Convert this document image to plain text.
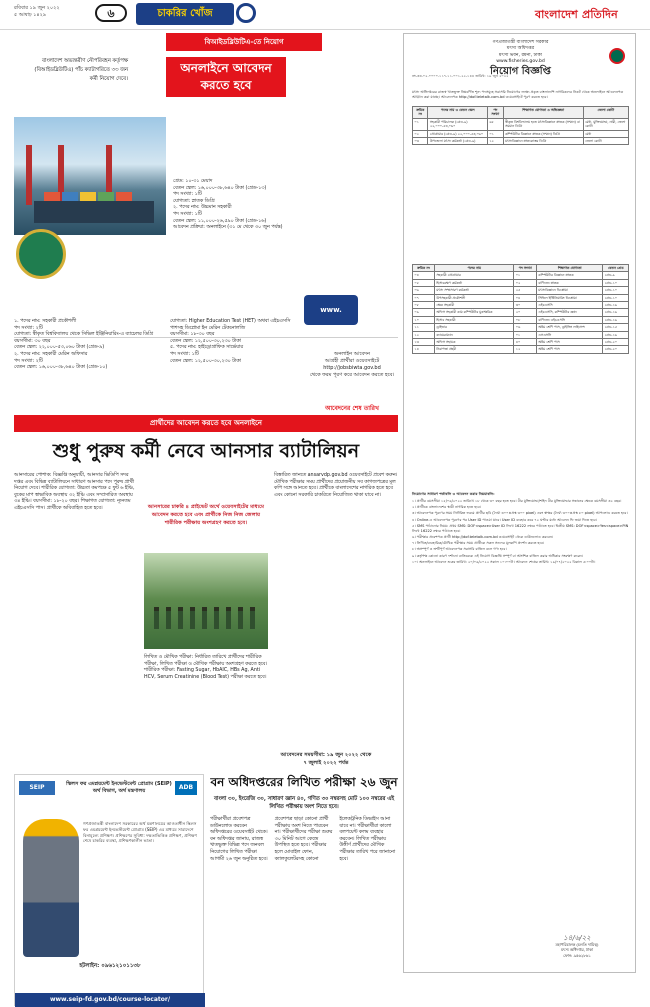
রবিবার ১৯ জুন ২০২২
৫ আষাঢ় ১৪২৯	৬	চাকরির খোঁজ	বাংলাদেশ প্রতিদিন
বাংলাদেশ অভ্যন্তরীণ নৌপরিবহন কর্তৃপক্ষ (বিআইডব্লিউটিএ) পাঁচ ক্যাটাগরিতে ৩৩ জন কর্মী নিয়োগ দেবে।
বিআইডব্লিউটিএ-তে নিয়োগ
অনলাইনে আবেদন করতে হবে
গ্রেড: ১০-৩১ মেয়াদ
বেতন স্কেল: ১৬,০০০-৩৮,৬৪০ টাকা (গ্রেড-১৩)
পদ সংখ্যা: ১টি
যোগ্যতা: স্নাতক ডিগ্রি
২. পদের নাম: উচ্চমান সহকারী
পদ সংখ্যা: ১টি
বেতন স্কেল: ১১,০০০-২৬,৫৯০ টাকা (গ্রেড-১৬)
আবেদন প্রক্রিয়া: অনলাইনে (৩১ মে থেকে ৩০ জুন পর্যন্ত)
১. পদের নাম: সহকারী প্রকৌশলী
পদ সংখ্যা: ২টি
যোগ্যতা: স্বীকৃত বিশ্ববিদ্যালয় থেকে সিভিল ইঞ্জিনিয়ারিং-এ ব্যাচেলর ডিগ্রি
বয়সসীমা: ৩০ বছর
বেতন স্কেল: ২২,০০০-৫৩,০৬০ টাকা (গ্রেড-৯)
২. পদের নাম: সহকারী মেরিন অফিসার
পদ সংখ্যা: ২টি
বেতন স্কেল: ১৬,০০০-৩৮,৬৪০ টাকা (গ্রেড-১০)
যোগ্যতা: Higher Education Test (HET) অথবা এইচএসসি পাশসহ ডিপ্লোমা ইন মেরিন টেকনোলজি
বয়সসীমা: ১৮-৩০ বছর
বেতন স্কেল: ১২,৫০০-৩০,২৩০ টাকা
৫. পদের নাম: হাইড্রোগ্রাফিক সার্ভেয়ার
পদ সংখ্যা: ১টি
বেতন স্কেল: ১২,৫০০-৩০,২৩০ টাকা
www.
অনলাইন আবেদন
আগ্রহী প্রার্থীরা ওয়েবসাইটে
http://jobsbiwta.gov.bd
থেকে ফরম পূরণ করে আবেদন করতে হবে।
আবেদনের শেষ তারিখ
প্রার্থীদের আবেদন করতে হবে অনলাইনে
শুধু পুরুষ কর্মী নেবে আনসার ব্যাটালিয়ন
আনসারের পোশাক: বিজ্ঞপ্তি অনুযায়ী, আনসার ভিডিপি সদর দপ্তর এবং বিভিন্ন ব্যাটালিয়নে সাধারণ আনসার পদে পুরুষ প্রার্থী নিয়োগ দেবে। শারীরিক যোগ্যতা: উচ্চতা কমপক্ষে ৫ ফুট ৬ ইঞ্চি, বুকের মাপ স্বাভাবিক অবস্থায় ৩২ ইঞ্চি এবং সম্প্রসারিত অবস্থায় ৩৪ ইঞ্চি। বয়সসীমা: ১৮-২০ বছর। শিক্ষাগত যোগ্যতা: ন্যূনতম এইচএসসি পাস। প্রার্থীকে অবিবাহিত হতে হবে।	আনসারের চাকরি ৪ প্রাইভেট অর্থে ওয়েবসাইটের মাধ্যমে আবেদন করতে হবে এবং প্রার্থীকে নিজ নিজ জেলায় শারীরিক পরীক্ষায় অংশগ্রহণ করতে হবে।
লিখিত ও মৌখিক পরীক্ষা: নির্ধারিত তারিখে প্রার্থীদের শারীরিক পরীক্ষা, লিখিত পরীক্ষা ও মৌখিক পরীক্ষায় অংশগ্রহণ করতে হবে। শারীরিক পরীক্ষা: Fasting Sugar, HbAIC, HBs Ag, Anti HCV, Serum Creatinine (Blood Test) পরীক্ষা করতে হবে।
বিস্তারিত জানতে ansarvdp.gov.bd ওয়েবসাইটে প্রবেশ করুন। মৌখিক পরীক্ষার সময় প্রার্থীদের প্রয়োজনীয় সব কাগজপত্রের মূল কপি সঙ্গে আনতে হবে। প্রার্থীকে বাংলাদেশের নাগরিক হতে হবে এবং কোনো সরকারি চাকরিতে নিয়োজিত থাকা যাবে না।
আবেদনের সময়সীমা: ১৯ জুন ২০২২ থেকে
৭ জুলাই ২০২২ পর্যন্ত
SEIP	স্কিলস ফর এমপ্লয়মেন্ট ইনভেস্টমেন্ট প্রোগ্রাম (SEIP)
অর্থ বিভাগ, অর্থ মন্ত্রণালয়	ADB
গণপ্রজাতন্ত্রী বাংলাদেশ সরকারের অর্থ মন্ত্রণালয়ের আওতাধীন স্কিলস ফর এমপ্লয়মেন্ট ইনভেস্টমেন্ট প্রোগ্রাম (SEIP) এর মাধ্যমে সারাদেশে বিনামূল্যে প্রশিক্ষণ। প্রশিক্ষণের সুবিধা: দক্ষতাভিত্তিক প্রশিক্ষণ, প্রশিক্ষণ শেষে চাকরির ব্যবস্থা, প্রশিক্ষণকালীন ভাতা।
হটলাইন: ০৯৬১২১০১১৩৮
www.seip-fd.gov.bd/course-locator/
বন অধিদপ্তরের লিখিত পরীক্ষা ২৬ জুন
বাংলা ৩০, ইংরেজি ৩০, সাধারণ জ্ঞান ৪০, গণিত ৩০ নম্বরসহ মোট ১০০ নম্বরের এই লিখিত পরীক্ষায় অংশ নিতে হবে।
পরীক্ষার্থীরা প্রবেশপত্র ডাউনলোড করবেন অধিদপ্তরের ওয়েবসাইট থেকে। বন অধিদপ্তর জানায়, রাজস্ব খাতভুক্ত বিভিন্ন পদে জনবল নিয়োগের লিখিত পরীক্ষা আগামী ২৬ জুন অনুষ্ঠিত হবে। প্রবেশপত্র ছাড়া কোনো প্রার্থী পরীক্ষায় অংশ নিতে পারবেন না। পরীক্ষার্থীদের পরীক্ষা শুরুর ৩০ মিনিট আগে কেন্দ্রে উপস্থিত হতে হবে। পরীক্ষার হলে মোবাইল ফোন, ক্যালকুলেটরসহ কোনো ইলেকট্রনিক ডিভাইস আনা যাবে না। পরীক্ষার্থীরা কালো বলপয়েন্ট কলম ব্যবহার করবেন। লিখিত পরীক্ষায় উত্তীর্ণ প্রার্থীদের মৌখিক পরীক্ষার তারিখ পরে জানানো হবে।
গণপ্রজাতন্ত্রী বাংলাদেশ সরকার
মৎস্য অধিদপ্তর
মৎস্য ভবন, রমনা, ঢাকা
www.fisheries.gov.bd
নং-৩৩.০২.০০০০.১১৭.১১.০০১.২২-১৪৪ তারিখ: ১৯ জুন ২০২২
নিয়োগ বিজ্ঞপ্তি
মৎস্য অধিদপ্তরের রাজস্ব খাতভুক্ত নিম্নবর্ণিত শূন্য পদসমূহে সরাসরি নিয়োগের লক্ষ্যে প্রকৃত বাংলাদেশি নাগরিকদের নিকট থেকে অনলাইনে আবেদনপত্র আহ্বান করা যাচ্ছে। আবেদনপত্র http://dof.teletalk.com.bd ওয়েবসাইটে পূরণ করতে হবে।
ক্রমিক নং	পদের নাম ও বেতন স্কেল	পদ সংখ্যা	শিক্ষাগত যোগ্যতা ও অভিজ্ঞতা	জেলা কোটা
০১	সহকারী পরিচালক (গ্রেড-৯) ২২,০০০-৫৩,০৬০	৬৫	স্বীকৃত বিশ্ববিদ্যালয় হতে মৎস্যবিজ্ঞানে স্নাতক (সম্মান) বা সমমান ডিগ্রি	মেধা, মুক্তিযোদ্ধা, নারী, জেলা কোটা
০২	প্রোগ্রামার (গ্রেড-৯) ২২,০০০-৫৩,০৬০	০১	কম্পিউটার বিজ্ঞানে স্নাতক (সম্মান) ডিগ্রি	মেধা
০৩	উপজেলা মৎস্য কর্মকর্তা (গ্রেড-৯)	১২	মৎস্যবিজ্ঞানে স্নাতকোত্তর ডিগ্রি	জেলা কোটা
ক্রমিক নং	পদের নাম	পদ সংখ্যা	শিক্ষাগত যোগ্যতা	বেতন গ্রেড
০৪	সহকারী প্রোগ্রামার	০১	কম্পিউটার বিজ্ঞানে স্নাতক	গ্রেড-৯
০৫	হিসাবরক্ষণ কর্মকর্তা	০২	বাণিজ্যে স্নাতক	গ্রেড-১০
০৬	মৎস্য সম্প্রসারণ কর্মকর্তা	২৫	মৎস্যবিজ্ঞানে ডিপ্লোমা	গ্রেড-১০
০৭	উপসহকারী প্রকৌশলী	০৪	সিভিল ইঞ্জিনিয়ারিং ডিপ্লোমা	গ্রেড-১০
০৮	ক্ষেত্র সহকারী	৩০	এইচএসসি	গ্রেড-১৬
০৯	অফিস সহকারী কাম কম্পিউটার মুদ্রাক্ষরিক	২০	এইচএসসি, কম্পিউটার জ্ঞান	গ্রেড-১৬
১০	হিসাব সহকারী	০৮	বাণিজ্যে এইচএসসি	গ্রেড-১৬
১১	ড্রাইভার	০৬	অষ্টম শ্রেণি পাস, ড্রাইভিং লাইসেন্স	গ্রেড-১৫
১২	ক্যামেরাম্যান	০১	এসএসসি	গ্রেড-১৬
১৩	অফিস সহায়ক	৪০	অষ্টম শ্রেণি পাস	গ্রেড-২০
১৪	নিরাপত্তা প্রহরী	১২	অষ্টম শ্রেণি পাস	গ্রেড-২০
নিয়োগের সাধারণ শর্তাবলি ও আবেদন করার নিয়মাবলি:
১। প্রার্থীর বয়সসীমা ১৫/০৬/২০২২ তারিখে ১৮ থেকে ৩০ বছর হতে হবে। বীর মুক্তিযোদ্ধা/শহিদ বীর মুক্তিযোদ্ধার সন্তানের ক্ষেত্রে বয়সসীমা ৩২ বছর।
২। প্রার্থীকে বাংলাদেশের স্থায়ী নাগরিক হতে হবে।
৩। আবেদনপত্র পূরণের সময় নির্ধারিত ফরমে প্রার্থীর ছবি (দৈর্ঘ্য ৩০০×প্রস্থ ৩০০ pixel) এবং স্বাক্ষর (দৈর্ঘ্য ৩০০×প্রস্থ ৮০ pixel) আপলোড করতে হবে।
৪। Online-এ আবেদনপত্র পূরণের পর User ID পাওয়া যাবে। User ID ব্যবহার করে ৭২ ঘণ্টার মধ্যে আবেদন ফি জমা দিতে হবে।
৫। SMS পাঠানোর নিয়ম: প্রথম SMS: DOF<space>User ID লিখে 16222 নম্বরে পাঠাতে হবে। দ্বিতীয় SMS: DOF<space>Yes<space>PIN লিখে 16222 নম্বরে পাঠাতে হবে।
৬। পরীক্ষার প্রবেশপত্র প্রার্থী http://dof.teletalk.com.bd ওয়েবসাইট থেকে ডাউনলোড করবেন।
৭। লিখিত/ব্যবহারিক/মৌখিক পরীক্ষার সময় প্রার্থীকে সকল সনদের মূলকপি প্রদর্শন করতে হবে।
৮। অসম্পূর্ণ ও ত্রুটিপূর্ণ আবেদনপত্র সরাসরি বাতিল বলে গণ্য হবে।
৯। কর্তৃপক্ষ কোনো কারণ দর্শানো ব্যতিরেকে এই নিয়োগ বিজ্ঞপ্তি সম্পূর্ণ বা আংশিক বাতিল করার অধিকার সংরক্ষণ করেন।
১০। অনলাইনে আবেদন শুরুর তারিখ: ২০/০৬/২০২২ সকাল ১০:০০টা। আবেদন শেষের তারিখ: ১৯/০৭/২০২২ বিকাল ৫:০০টা।
১৪/৬/২২
মহাপরিচালক (চলতি দায়িত্ব)
মৎস্য অধিদপ্তর, ঢাকা
ফোন: ৯৫৬২৮৬১
